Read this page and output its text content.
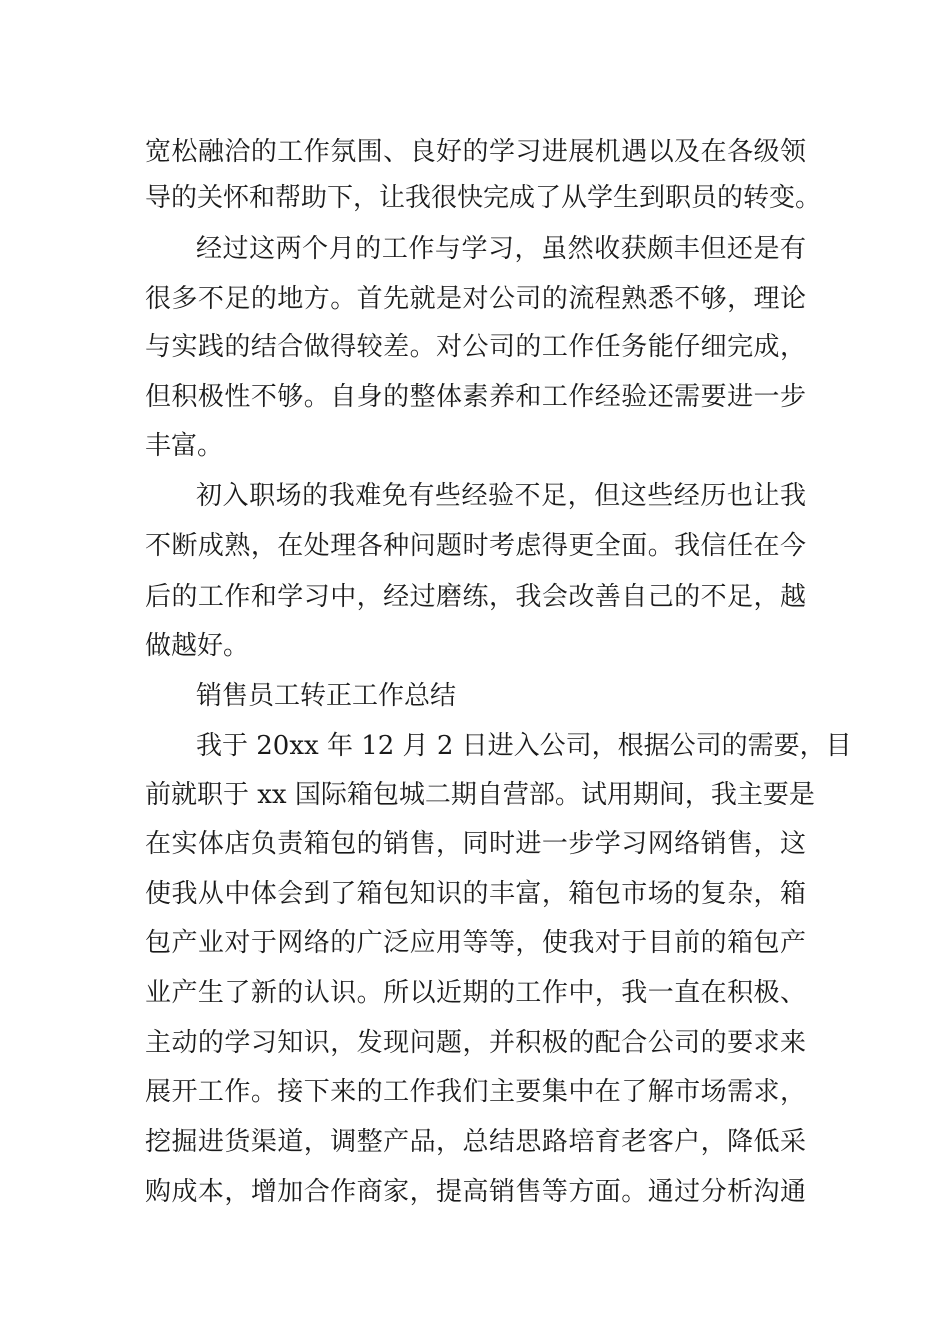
宽松融洽的工作氛围、良好的学习进展机遇以及在各级领
导的关怀和帮助下，让我很快完成了从学生到职员的转变。
经过这两个月的工作与学习，虽然收获颇丰但还是有
很多不足的地方。首先就是对公司的流程熟悉不够，理论
与实践的结合做得较差。对公司的工作任务能仔细完成，
但积极性不够。自身的整体素养和工作经验还需要进一步
丰富。
初入职场的我难免有些经验不足，但这些经历也让我
不断成熟，在处理各种问题时考虑得更全面。我信任在今
后的工作和学习中，经过磨练，我会改善自己的不足，越
做越好。
销售员工转正工作总结
我于 20xx 年 12 月 2 日进入公司，根据公司的需要，目
前就职于 xx 国际箱包城二期自营部。试用期间，我主要是
在实体店负责箱包的销售，同时进一步学习网络销售，这
使我从中体会到了箱包知识的丰富，箱包市场的复杂，箱
包产业对于网络的广泛应用等等，使我对于目前的箱包产
业产生了新的认识。所以近期的工作中，我一直在积极、
主动的学习知识，发现问题，并积极的配合公司的要求来
展开工作。接下来的工作我们主要集中在了解市场需求，
挖掘进货渠道，调整产品，总结思路培育老客户，降低采
购成本，增加合作商家，提高销售等方面。通过分析沟通
